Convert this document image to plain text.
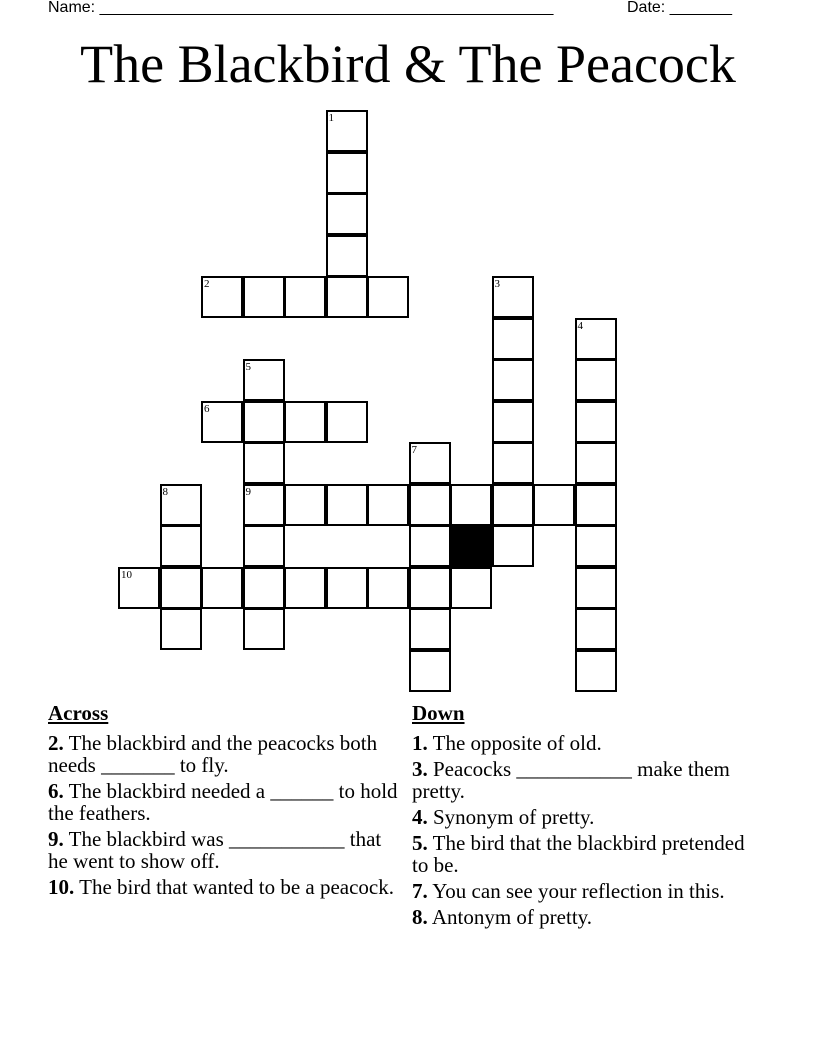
Name: ___________________________________________________	Date: _______
The Blackbird & The Peacock
1
2	3
4
5
6
7
8	9
10
Across
2. The blackbird and the peacocks both needs _______ to fly.
6. The blackbird needed a ______ to hold the feathers.
9. The blackbird was ___________ that he went to show off.
10. The bird that wanted to be a peacock.
Down
1. The opposite of old.
3. Peacocks ___________ make them pretty.
4. Synonym of pretty.
5. The bird that the blackbird pretended to be.
7. You can see your reflection in this.
8. Antonym of pretty.
